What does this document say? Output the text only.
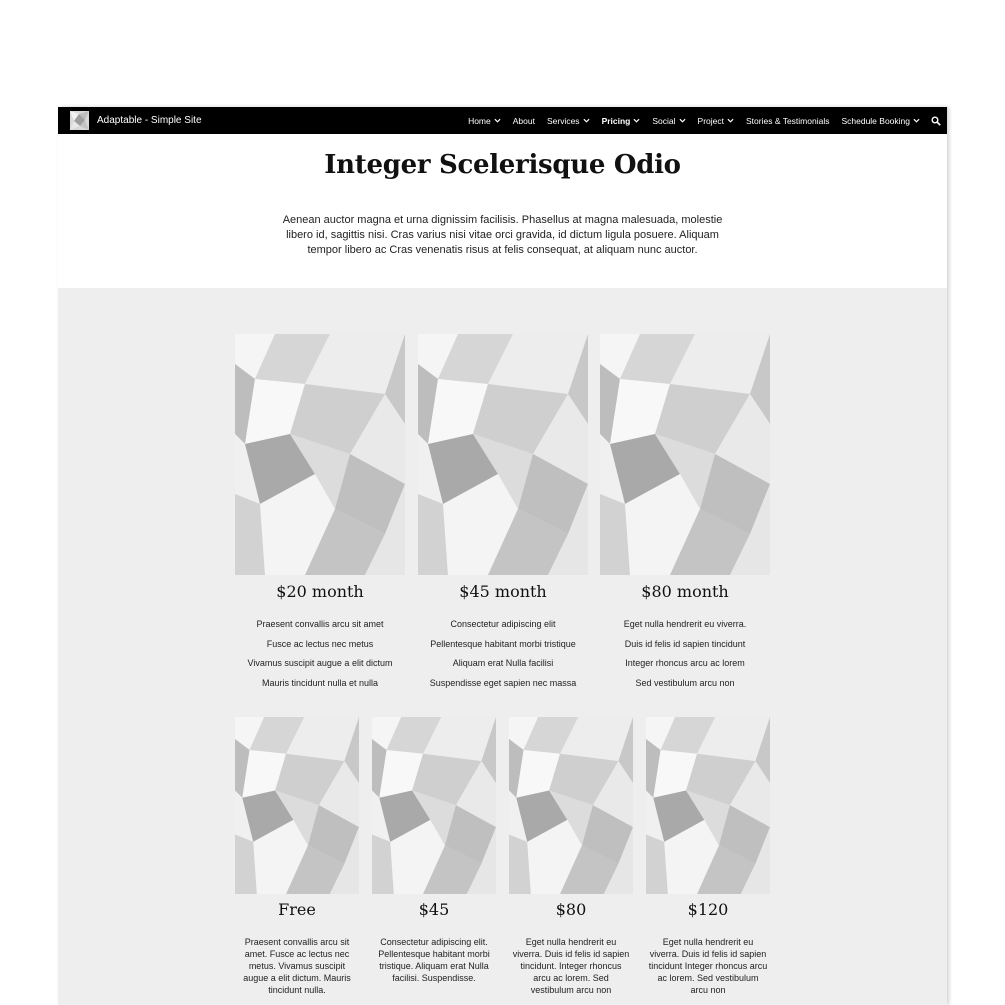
Adaptable - Simple Site	Home	About Services	Pricing	Social	Project	Stories & Testimonials Schedule Booking
Integer Scelerisque Odio

Aenean auctor magna et urna dignissim facilisis. Phasellus at magna malesuada, molestie libero id, sagittis nisi. Cras varius nisi vitae orci gravida, id dictum ligula posuere. Aliquam tempor libero ac Cras venenatis risus at felis consequat, at aliquam nunc auctor.

$20 month
Praesent convallis arcu sit amet
Fusce ac lectus nec metus
Vivamus suscipit augue a elit dictum
Mauris tincidunt nulla et nulla
$45 month
Consectetur adipiscing elit
Pellentesque habitant morbi tristique
Aliquam erat Nulla facilisi
Suspendisse eget sapien nec massa
$80 month
Eget nulla hendrerit eu viverra.
Duis id felis id sapien tincidunt
Integer rhoncus arcu ac lorem
Sed vestibulum arcu non
Free
Praesent convallis arcu sit amet. Fusce ac lectus nec metus. Vivamus suscipit augue a elit dictum. Mauris tincidunt nulla.
$45
Consectetur adipiscing elit. Pellentesque habitant morbi tristique. Aliquam erat Nulla facilisi. Suspendisse.
$80
Eget nulla hendrerit eu viverra. Duis id felis id sapien tincidunt. Integer rhoncus arcu ac lorem. Sed vestibulum arcu non
$120
Eget nulla hendrerit eu viverra. Duis id felis id sapien tincidunt Integer rhoncus arcu ac lorem. Sed vestibulum arcu non
